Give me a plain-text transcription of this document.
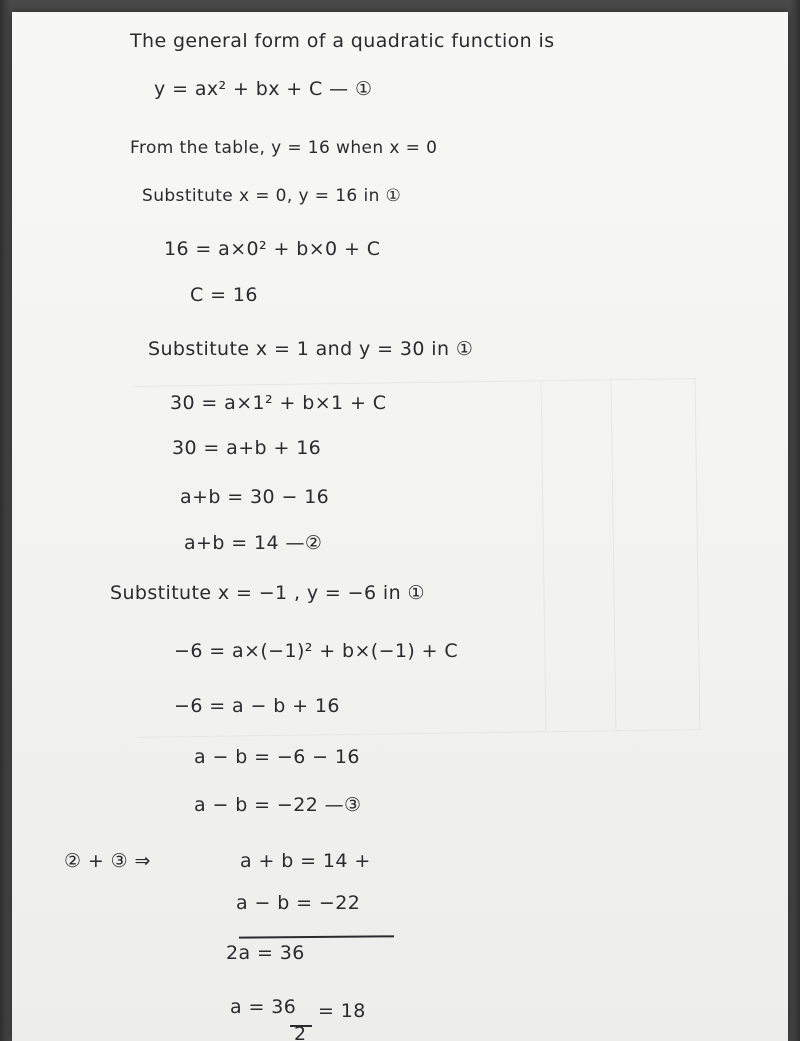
The general form of a quadratic function is

y = ax² + bx + C — ①

From the table, y = 16 when x = 0

Substitute x = 0, y = 16 in ①

16 = a×0² + b×0 + C

C = 16

Substitute x = 1 and y = 30 in ①

30 = a×1² + b×1 + C

30 = a+b + 16

a+b = 30 − 16

a+b = 14 —②

Substitute x = −1 , y = −6 in ①

−6 = a×(−1)² + b×(−1) + C

−6 = a − b + 16

a − b = −6 − 16

a − b = −22 —③

② + ③ ⇒	a + b = 14 +

a − b = −22

2a = 36

a = 36

2

= 18
